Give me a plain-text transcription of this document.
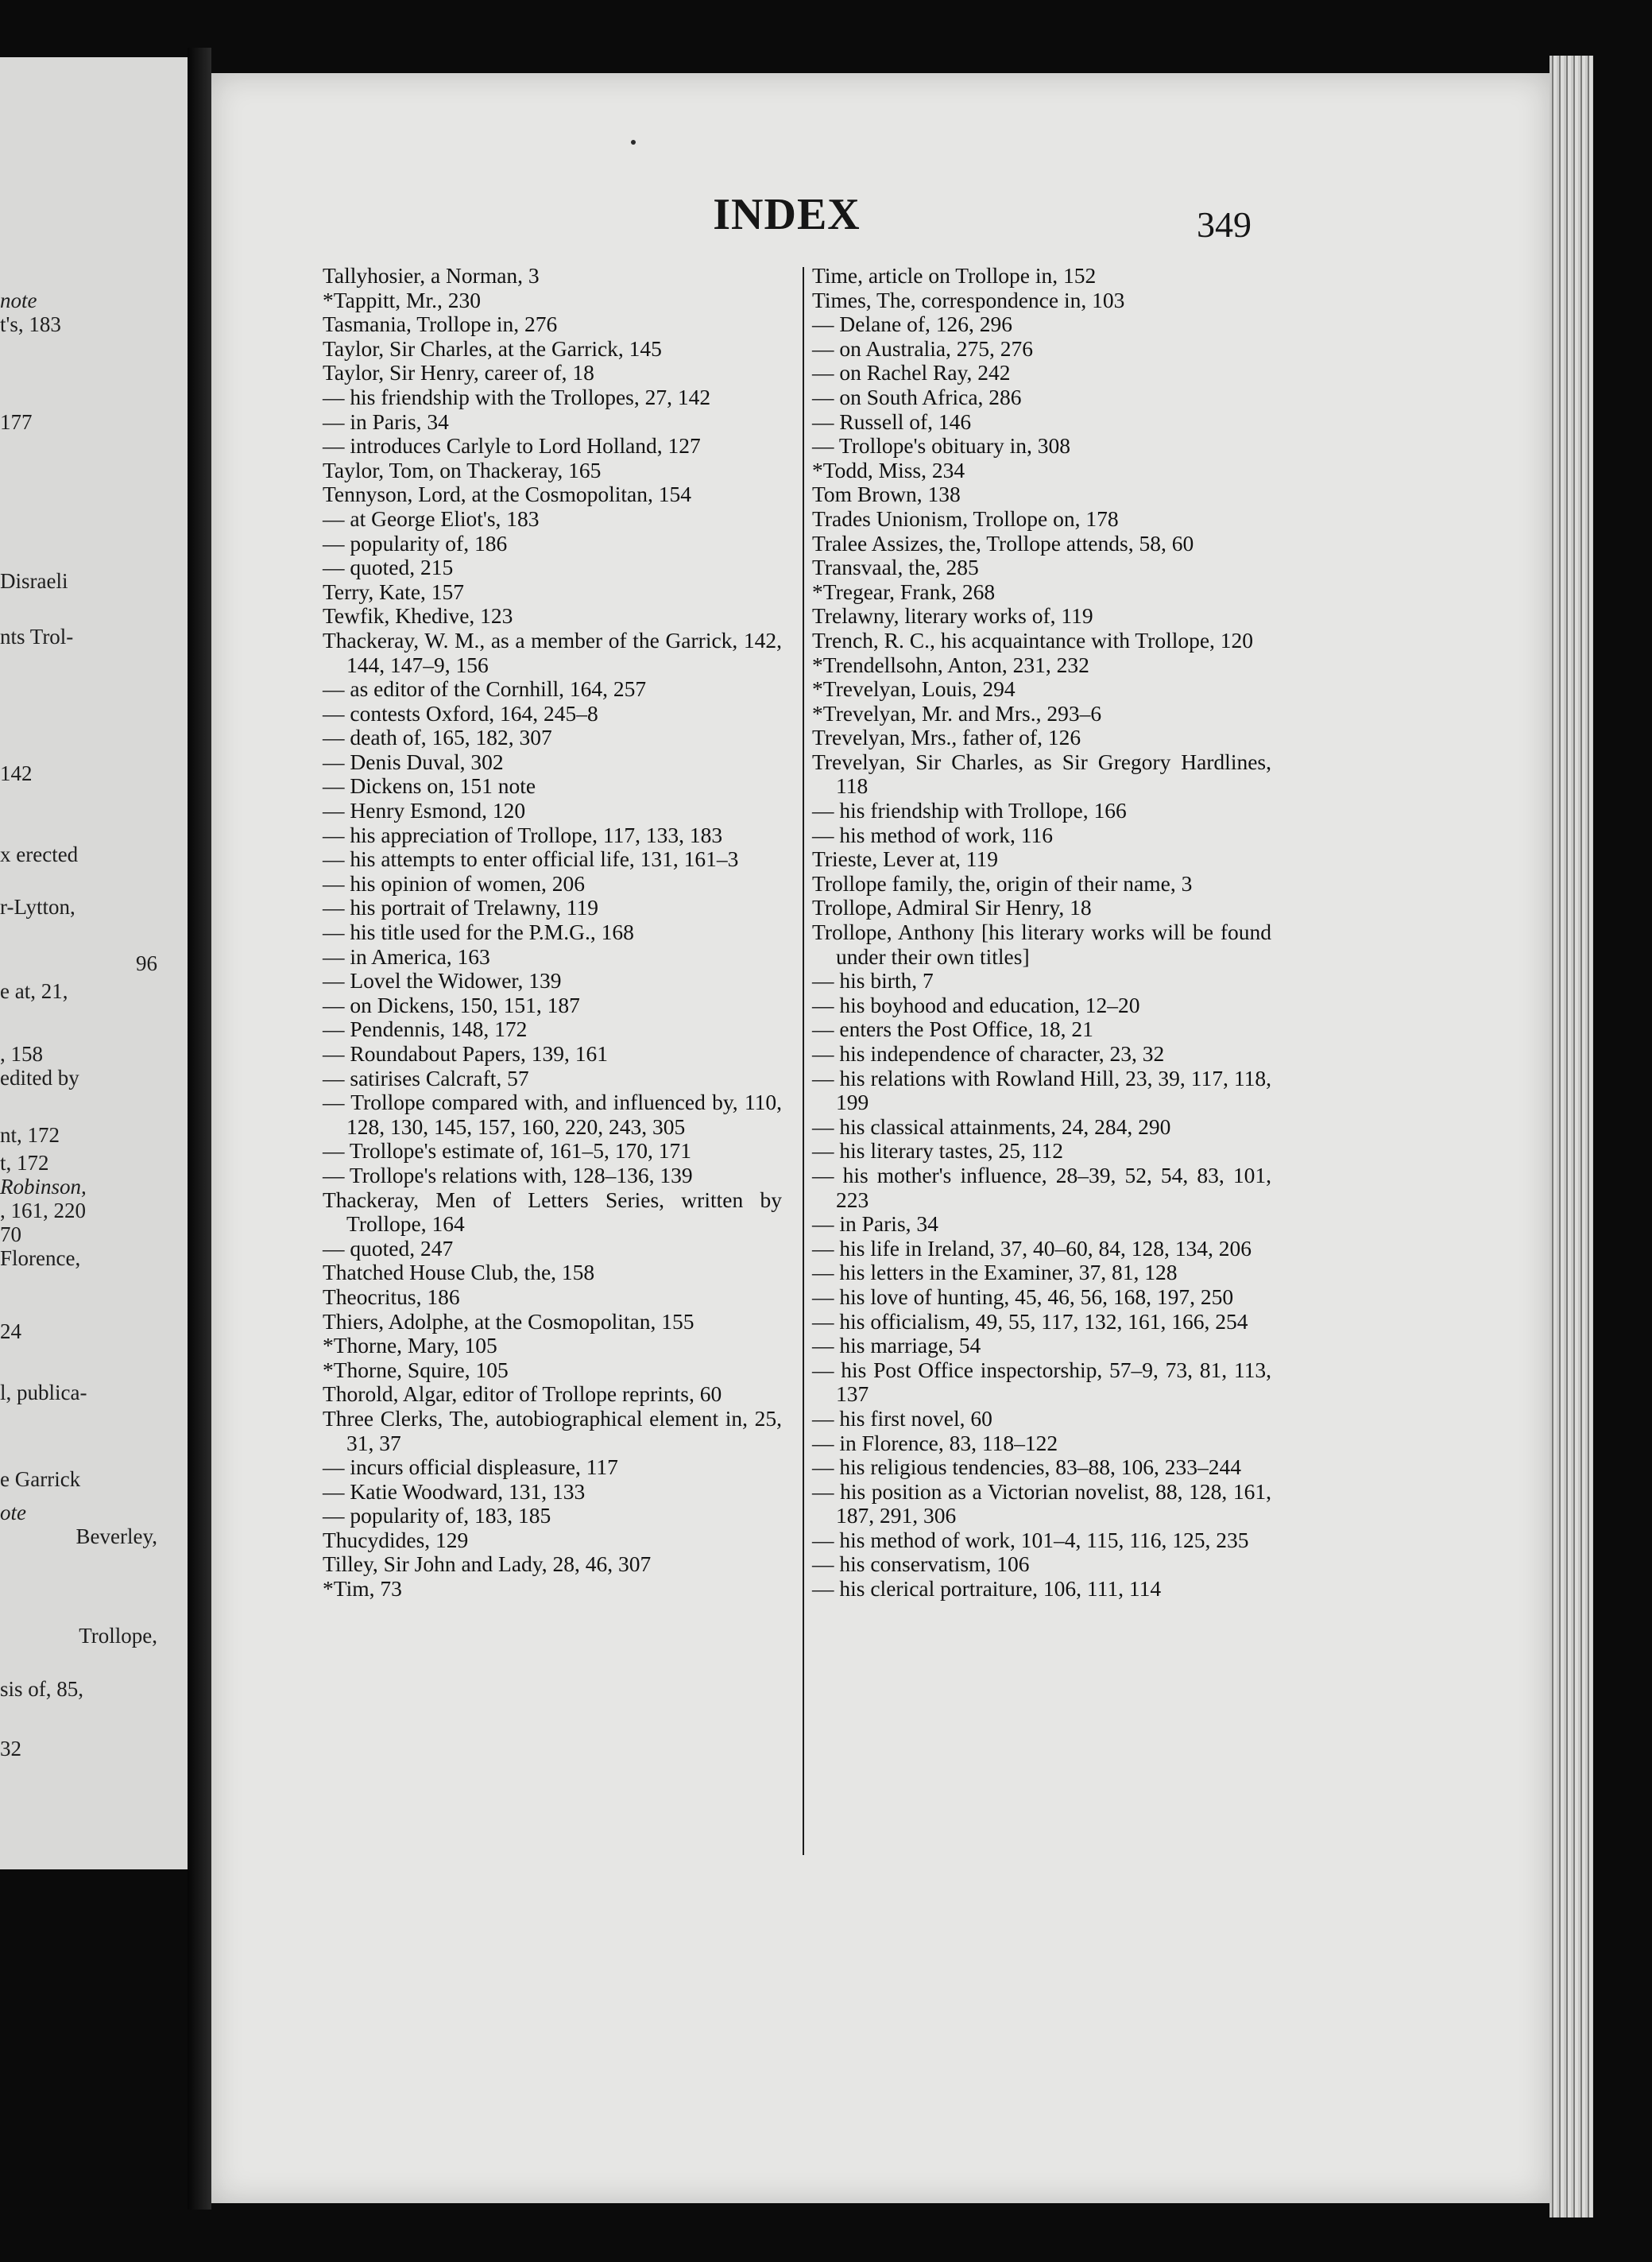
note
t's, 183
177
Disraeli
nts Trol-
142
x erected
r-Lytton,
96
e at, 21,
, 158
edited by
nt, 172
t, 172
Robinson,
, 161, 220
70
Florence,
24
l, publica-
e Garrick
ote
Beverley,
Trollope,
sis of, 85,
32
INDEX	349
Tallyhosier, a Norman, 3
*Tappitt, Mr., 230
Tasmania, Trollope in, 276
Taylor, Sir Charles, at the Garrick, 145
Taylor, Sir Henry, career of, 18
— his friendship with the Trollopes, 27, 142
— in Paris, 34
— introduces Carlyle to Lord Holland, 127
Taylor, Tom, on Thackeray, 165
Tennyson, Lord, at the Cosmopolitan, 154
— at George Eliot's, 183
— popularity of, 186
— quoted, 215
Terry, Kate, 157
Tewfik, Khedive, 123
Thackeray, W. M., as a member of the Garrick, 142, 144, 147–9, 156
— as editor of the Cornhill, 164, 257
— contests Oxford, 164, 245–8
— death of, 165, 182, 307
— Denis Duval, 302
— Dickens on, 151 note
— Henry Esmond, 120
— his appreciation of Trollope, 117, 133, 183
— his attempts to enter official life, 131, 161–3
— his opinion of women, 206
— his portrait of Trelawny, 119
— his title used for the P.M.G., 168
— in America, 163
— Lovel the Widower, 139
— on Dickens, 150, 151, 187
— Pendennis, 148, 172
— Roundabout Papers, 139, 161
— satirises Calcraft, 57
— Trollope compared with, and influenced by, 110, 128, 130, 145, 157, 160, 220, 243, 305
— Trollope's estimate of, 161–5, 170, 171
— Trollope's relations with, 128–136, 139
Thackeray, Men of Letters Series, written by Trollope, 164
— quoted, 247
Thatched House Club, the, 158
Theocritus, 186
Thiers, Adolphe, at the Cosmopolitan, 155
*Thorne, Mary, 105
*Thorne, Squire, 105
Thorold, Algar, editor of Trollope reprints, 60
Three Clerks, The, autobiographical element in, 25, 31, 37
— incurs official displeasure, 117
— Katie Woodward, 131, 133
— popularity of, 183, 185
Thucydides, 129
Tilley, Sir John and Lady, 28, 46, 307
*Tim, 73
Time, article on Trollope in, 152
Times, The, correspondence in, 103
— Delane of, 126, 296
— on Australia, 275, 276
— on Rachel Ray, 242
— on South Africa, 286
— Russell of, 146
— Trollope's obituary in, 308
*Todd, Miss, 234
Tom Brown, 138
Trades Unionism, Trollope on, 178
Tralee Assizes, the, Trollope attends, 58, 60
Transvaal, the, 285
*Tregear, Frank, 268
Trelawny, literary works of, 119
Trench, R. C., his acquaintance with Trollope, 120
*Trendellsohn, Anton, 231, 232
*Trevelyan, Louis, 294
*Trevelyan, Mr. and Mrs., 293–6
Trevelyan, Mrs., father of, 126
Trevelyan, Sir Charles, as Sir Gregory Hardlines, 118
— his friendship with Trollope, 166
— his method of work, 116
Trieste, Lever at, 119
Trollope family, the, origin of their name, 3
Trollope, Admiral Sir Henry, 18
Trollope, Anthony [his literary works will be found under their own titles]
— his birth, 7
— his boyhood and education, 12–20
— enters the Post Office, 18, 21
— his independence of character, 23, 32
— his relations with Rowland Hill, 23, 39, 117, 118, 199
— his classical attainments, 24, 284, 290
— his literary tastes, 25, 112
— his mother's influence, 28–39, 52, 54, 83, 101, 223
— in Paris, 34
— his life in Ireland, 37, 40–60, 84, 128, 134, 206
— his letters in the Examiner, 37, 81, 128
— his love of hunting, 45, 46, 56, 168, 197, 250
— his officialism, 49, 55, 117, 132, 161, 166, 254
— his marriage, 54
— his Post Office inspectorship, 57–9, 73, 81, 113, 137
— his first novel, 60
— in Florence, 83, 118–122
— his religious tendencies, 83–88, 106, 233–244
— his position as a Victorian novelist, 88, 128, 161, 187, 291, 306
— his method of work, 101–4, 115, 116, 125, 235
— his conservatism, 106
— his clerical portraiture, 106, 111, 114
